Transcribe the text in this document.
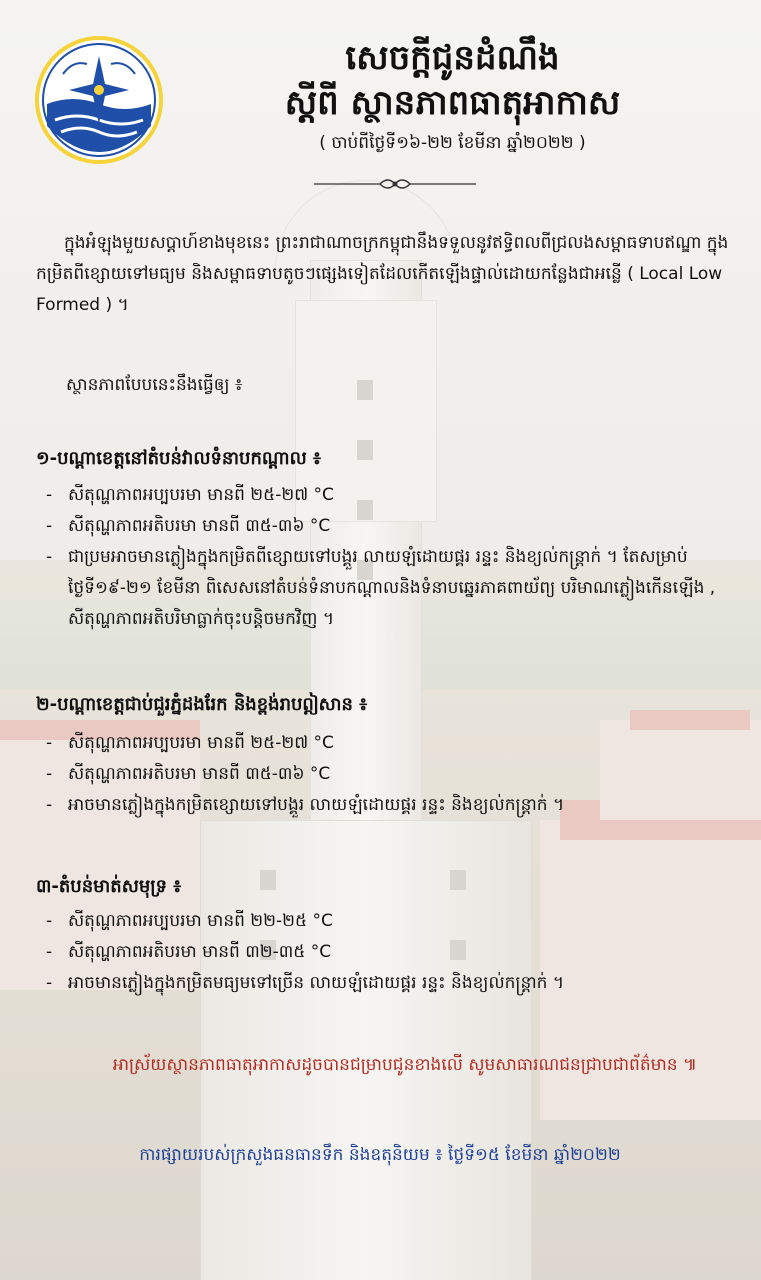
សេចក្តីជូនដំណឹង
ស្តីពី ស្ថានភាពធាតុអាកាស
( ចាប់ពីថ្ងៃទី១៦-២២ ខែមីនា ឆ្នាំ២០២២ )
ក្នុងអំឡុងមួយសប្តាហ៍ខាងមុខនេះ ព្រះរាជាណាចក្រកម្ពុជានឹងទទួលនូវឥទ្ធិពលពីជ្រលងសម្ពាធទាបឥណ្ឌា ក្នុងកម្រិតពីខ្សោយទៅមធ្យម និងសម្ពាធទាបតូចៗផ្សេងទៀតដែលកើតឡើងផ្ទាល់ដោយកន្លែងជាអន្លើ ( Local Low Formed ) ។
ស្ថានភាពបែបនេះនឹងធ្វើឲ្យ ៖
១-បណ្តាខេត្តនៅតំបន់វាលទំនាបកណ្តាល ៖
- សីតុណ្ហភាពអប្បបរមា មានពី ២៥-២៧ °C
- សីតុណ្ហភាពអតិបរមា មានពី ៣៥-៣៦ °C
- ជាប្រមអាចមានភ្លៀងក្នុងកម្រិតពីខ្សោយទៅបង្គួរ លាយឡំដោយផ្គរ រន្ទះ និងខ្យល់កន្ត្រាក់ ។ តែសម្រាប់ថ្ងៃទី១៩-២១ ខែមីនា ពិសេសនៅតំបន់ទំនាបកណ្តាលនិងទំនាបឆ្នេរភាគពាយ័ព្យ បរិមាណភ្លៀងកើនឡើង , សីតុណ្ហភាពអតិបរិមាធ្លាក់ចុះបន្តិចមកវិញ ។
២-បណ្តាខេត្តជាប់ជួរភ្នំដងរែក និងខ្ពង់រាបឦសាន ៖
- សីតុណ្ហភាពអប្បបរមា មានពី ២៥-២៧ °C
- សីតុណ្ហភាពអតិបរមា មានពី ៣៥-៣៦ °C
- អាចមានភ្លៀងក្នុងកម្រិតខ្សោយទៅបង្គួរ លាយឡំដោយផ្គរ រន្ទះ និងខ្យល់កន្ត្រាក់ ។
៣-តំបន់មាត់សមុទ្រ ៖
- សីតុណ្ហភាពអប្បបរមា មានពី ២២-២៥ °C
- សីតុណ្ហភាពអតិបរមា មានពី ៣២-៣៥ °C
- អាចមានភ្លៀងក្នុងកម្រិតមធ្យមទៅច្រើន លាយឡំដោយផ្គរ រន្ទះ និងខ្យល់កន្ត្រាក់ ។
អាស្រ័យស្ថានភាពធាតុអាកាសដូចបានជម្រាបជូនខាងលើ សូមសាធារណជនជ្រាបជាព័ត៌មាន ៕
ការផ្សាយរបស់ក្រសួងធនធានទឹក និងឧតុនិយម ៖ ថ្ងៃទី១៥ ខែមីនា ឆ្នាំ២០២២
